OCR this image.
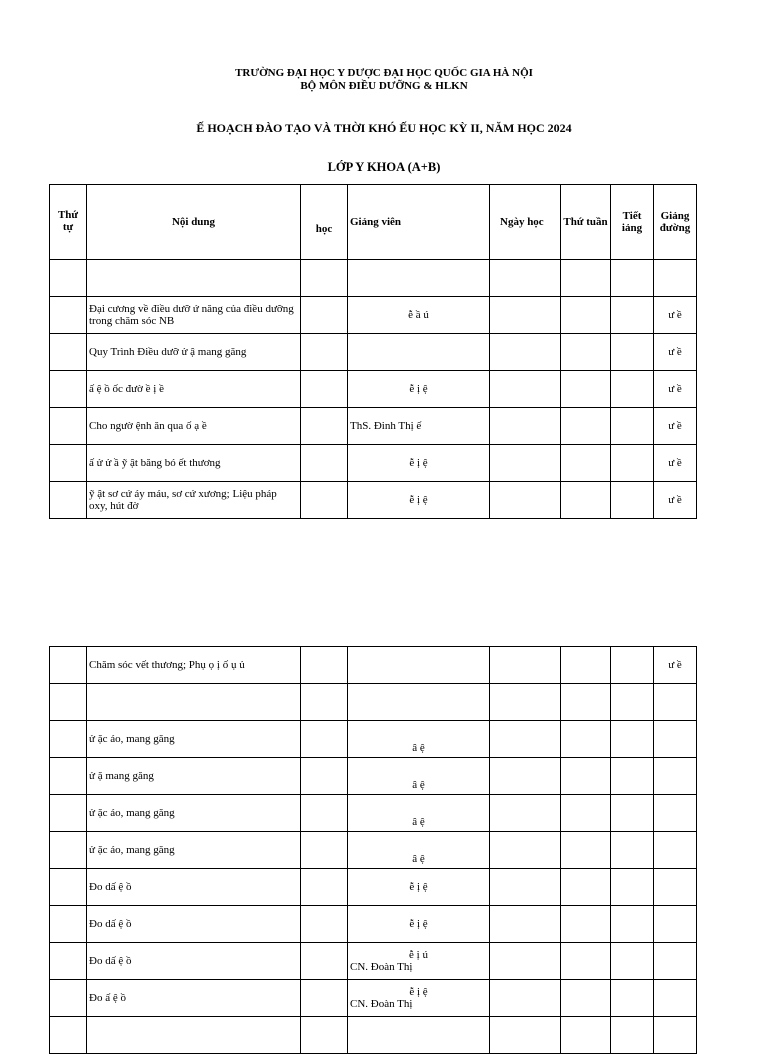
TRƯỜNG ĐẠI HỌC Y DƯỢC ĐẠI HỌC QUỐC GIA HÀ NỘI
BỘ MÔN ĐIỀU DƯỠNG & HLKN
Ế HOẠCH ĐÀO TẠO VÀ THỜI KHÓ ẾU HỌC KỲ II, NĂM HỌC 2024
LỚP Y KHOA (A+B)
Thứ tự	Nội dung	học	Giảng viên	Ngày học	Thứ tuần	Tiết iảng	Giảng đường

	Đại cương về điều dưỡ ứ năng của điều dưỡng trong chăm sóc NB		ễ ầ ú				ư ề
	Quy Trình Điều dưỡ ử ậ mang găng						ư ề
	ấ ệ ồ ốc đườ ề ị ề		ễ ị ệ				ư ề
	Cho ngườ ệnh ăn qua ố ạ ề		ThS. Đinh Thị ế				ư ề
	ấ ử ử ầ ỹ ật băng bó ết thương		ễ ị ệ				ư ề
	ỹ ật sơ cứ áy máu, sơ cứ xương; Liệu pháp oxy, hút đờ		ễ ị ệ				ư ề
	Chăm sóc vết thương; Phụ ọ ị ố ụ ủ						ư ề

	ử ặc áo, mang găng		â ệ				
	ử ặ mang găng		â ệ				
	ử ặc áo, mang găng		â ệ				
	ử ặc áo, mang găng		â ệ				
	Đo dấ ệ ồ		ễ ị ệ				
	Đo dấ ệ ồ		ễ ị ệ				
	Đo dấ ệ ồ		ễ ị ú
CN. Đoàn Thị				

	Đo ấ ệ ồ		ễ ị ệ
CN. Đoàn Thị				
